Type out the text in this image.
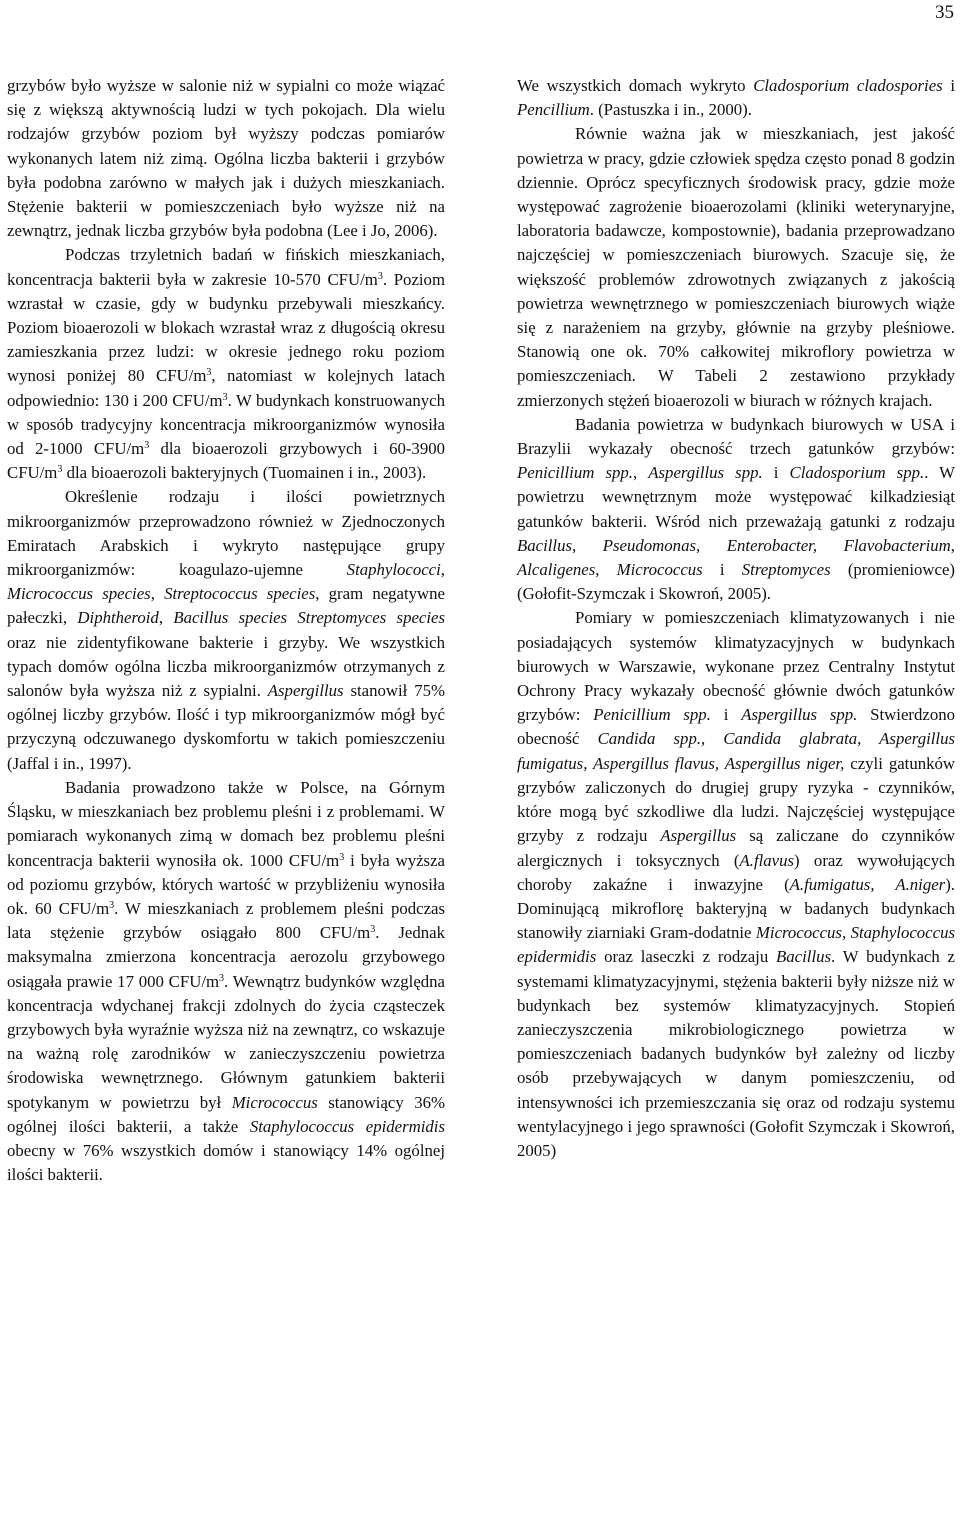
35

grzybów było wyższe w salonie niż w sypialni co może wiązać się z większą aktywnością ludzi w tych pokojach. Dla wielu rodzajów grzybów poziom był wyższy podczas pomiarów wykonanych latem niż zimą. Ogólna liczba bakterii i grzybów była podobna zarówno w małych jak i dużych mieszkaniach. Stężenie bakterii w pomieszczeniach było wyższe niż na zewnątrz, jednak liczba grzybów była podobna (Lee i Jo, 2006).

Podczas trzyletnich badań w fińskich mieszkaniach, koncentracja bakterii była w zakresie 10-570 CFU/$m^3$. Poziom wzrastał w czasie, gdy w budynku przebywali mieszkańcy. Poziom bioaerozoli w blokach wzrastał wraz z długością okresu zamieszkania przez ludzi: w okresie jednego roku poziom wynosi poniżej 80 CFU/$m^3$, natomiast w kolejnych latach odpowiednio: 130 i 200 CFU/$m^3$. W budynkach konstruowanych w sposób tradycyjny koncentracja mikroorganizmów wynosiła od 2-1000 CFU/$m^3$ dla bioaerozoli grzybowych i 60-3900 CFU/$m^3$ dla bioaerozoli bakteryjnych (Tuomainen i in., 2003).

Określenie rodzaju i ilości powietrznych mikroorganizmów przeprowadzono również w Zjednoczonych Emiratach Arabskich i wykryto następujące grupy mikroorganizmów: koagulazo-ujemne Staphylococci, Micrococcus species, Streptococcus species, gram negatywne pałeczki, Diphtheroid, Bacillus species Streptomyces species oraz nie zidentyfikowane bakterie i grzyby. We wszystkich typach domów ogólna liczba mikroorganizmów otrzymanych z salonów była wyższa niż z sypialni. Aspergillus stanowił 75% ogólnej liczby grzybów. Ilość i typ mikroorganizmów mógł być przyczyną odczuwanego dyskomfortu w takich pomieszczeniu (Jaffal i in., 1997).

Badania prowadzono także w Polsce, na Górnym Śląsku, w mieszkaniach bez problemu pleśni i z problemami. W pomiarach wykonanych zimą w domach bez problemu pleśni koncentracja bakterii wynosiła ok. 1000 CFU/$m^3$ i była wyższa od poziomu grzybów, których wartość w przybliżeniu wynosiła ok. 60 CFU/$m^3$. W mieszkaniach z problemem pleśni podczas lata stężenie grzybów osiągało 800 CFU/$m^3$. Jednak maksymalna zmierzona koncentracja aerozolu grzybowego osiągała prawie 17 000 CFU/$m^3$. Wewnątrz budynków względna koncentracja wdychanej frakcji zdolnych do życia cząsteczek grzybowych była wyraźnie wyższa niż na zewnątrz, co wskazuje na ważną rolę zarodników w zanieczyszczeniu powietrza środowiska wewnętrznego. Głównym gatunkiem bakterii spotykanym w powietrzu był Micrococcus stanowiący 36% ogólnej ilości bakterii, a także Staphylococcus epidermidis obecny w 76% wszystkich domów i stanowiący 14% ogólnej ilości bakterii.

We wszystkich domach wykryto Cladosporium cladospories i Pencillium. (Pastuszka i in., 2000).

Równie ważna jak w mieszkaniach, jest jakość powietrza w pracy, gdzie człowiek spędza często ponad 8 godzin dziennie. Oprócz specyficznych środowisk pracy, gdzie może występować zagrożenie bioaerozolami (kliniki weterynaryjne, laboratoria badawcze, kompostownie), badania przeprowadzano najczęściej w pomieszczeniach biurowych. Szacuje się, że większość problemów zdrowotnych związanych z jakością powietrza wewnętrznego w pomieszczeniach biurowych wiąże się z narażeniem na grzyby, głównie na grzyby pleśniowe. Stanowią one ok. 70% całkowitej mikroflory powietrza w pomieszczeniach. W Tabeli 2 zestawiono przykłady zmierzonych stężeń bioaerozoli w biurach w różnych krajach.

Badania powietrza w budynkach biurowych w USA i Brazylii wykazały obecność trzech gatunków grzybów: Penicillium spp., Aspergillus spp. i Cladosporium spp.. W powietrzu wewnętrznym może występować kilkadziesiąt gatunków bakterii. Wśród nich przeważają gatunki z rodzaju Bacillus, Pseudomonas, Enterobacter, Flavobacterium, Alcaligenes, Micrococcus i Streptomyces (promieniowce) (Gołofit-Szymczak i Skowroń, 2005).

Pomiary w pomieszczeniach klimatyzowanych i nie posiadających systemów klimatyzacyjnych w budynkach biurowych w Warszawie, wykonane przez Centralny Instytut Ochrony Pracy wykazały obecność głównie dwóch gatunków grzybów: Penicillium spp. i Aspergillus spp. Stwierdzono obecność Candida spp., Candida glabrata, Aspergillus fumigatus, Aspergillus flavus, Aspergillus niger, czyli gatunków grzybów zaliczonych do drugiej grupy ryzyka - czynników, które mogą być szkodliwe dla ludzi. Najczęściej występujące grzyby z rodzaju Aspergillus są zaliczane do czynników alergicznych i toksycznych (A.flavus) oraz wywołujących choroby zakaźne i inwazyjne (A.fumigatus, A.niger). Dominującą mikroflorę bakteryjną w badanych budynkach stanowiły ziarniaki Gram-dodatnie Micrococcus, Staphylococcus epidermidis oraz laseczki z rodzaju Bacillus. W budynkach z systemami klimatyzacyjnymi, stężenia bakterii były niższe niż w budynkach bez systemów klimatyzacyjnych. Stopień zanieczyszczenia mikrobiologicznego powietrza w pomieszczeniach badanych budynków był zależny od liczby osób przebywających w danym pomieszczeniu, od intensywności ich przemieszczania się oraz od rodzaju systemu wentylacyjnego i jego sprawności (Gołofit Szymczak i Skowroń, 2005)
